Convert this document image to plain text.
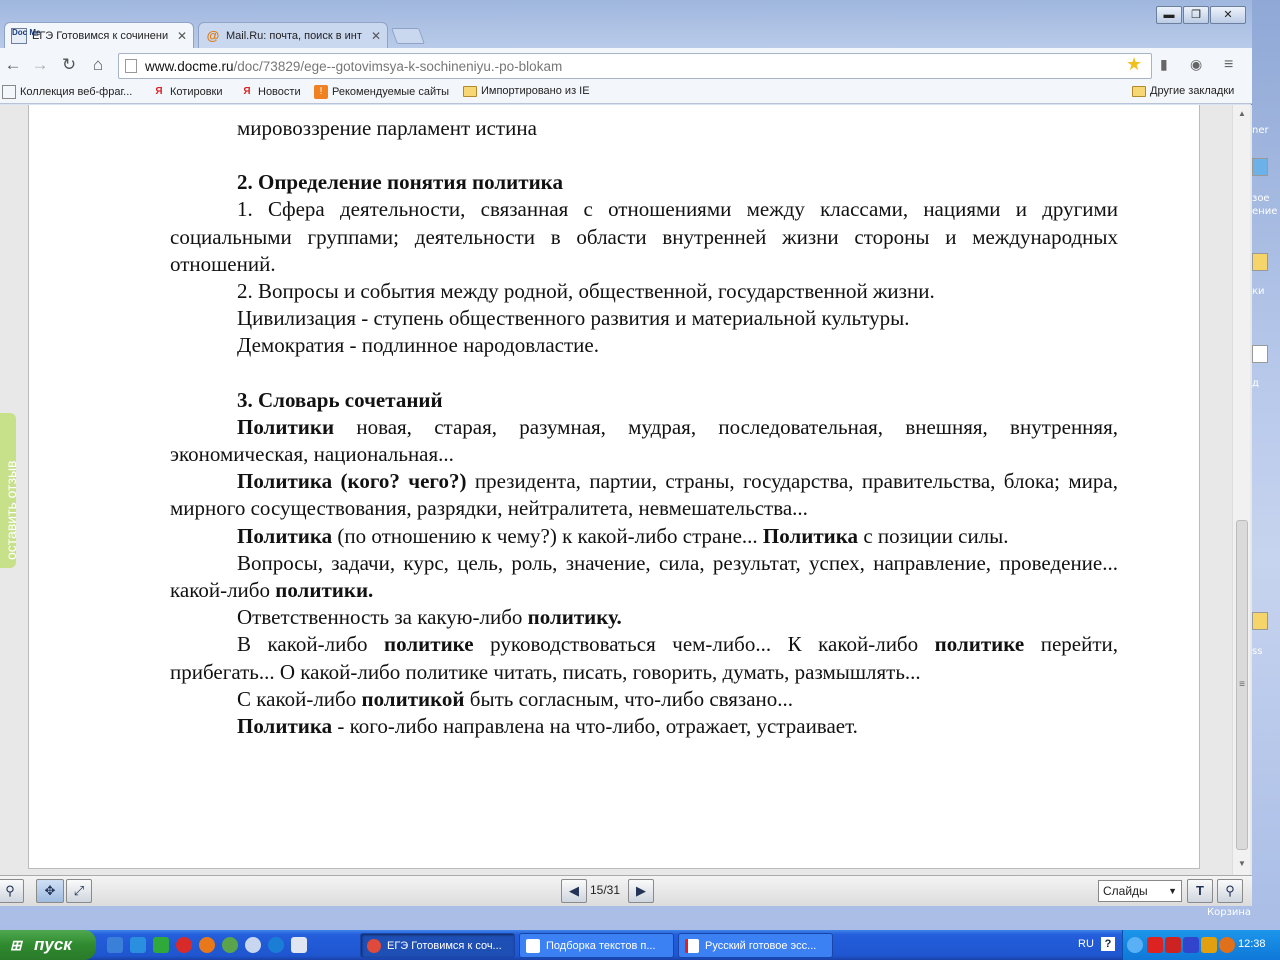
ner
зое
ение
ки
д
ss
Корзина
Doc Me
ЕГЭ Готовимся к сочинени ✕ @ Mail.Ru: почта, поиск в инт ✕
▬	❐	✕
← → ↻ ⌂	www.docme.ru /doc/73829/ege--gotovimsya-k-sochineniyu.-po-blokam	★ ▮ ◉ ≡
Коллекция веб-фраг...	Я Котировки	Я Новости	! Рекомендуемые сайты	Импортировано из IE	Другие закладки

мировоззрение парламент истина

2. Определение понятия политика

1. Сфера деятельности, связанная с отношениями между классами, нациями и другими социальными группами; деятельности в области внутренней жизни стороны и международных отношений.

2. Вопросы и события между родной, общественной, государственной жизни.

Цивилизация - ступень общественного развития и материальной культуры.

Демократия - подлинное народовластие.

3. Словарь сочетаний

Политики новая, старая, разумная, мудрая, последовательная, внешняя, внутренняя, экономическая, национальная...

Политика (кого? чего?) президента, партии, страны, государства, правительства, блока; мира, мирного сосуществования, разрядки, нейтралитета, невмешательства...

Политика (по отношению к чему?) к какой-либо стране... Политика с позиции силы.

Вопросы, задачи, курс, цель, роль, значение, сила, результат, успех, направление, проведение... какой-либо политики.

Ответственность за какую-либо политику.

В какой-либо политике руководствоваться чем-либо... К какой-либо политике перейти, прибегать... О какой-либо политике читать, писать, говорить, думать, размышлять...

С какой-либо политикой быть согласным, что-либо связано...

Политика - кого-либо направлена на что-либо, отражает, устраивает.

оставить отзыв
▲
≡
▼
⚲	✥	⤢	◀ 15/31	▶	Слайды ▼	T	⚲
⊞ пуск	ЕГЭ Готовимся к соч...	Подборка текстов п...	Русский готовое эсс...	RU ?	12:38
